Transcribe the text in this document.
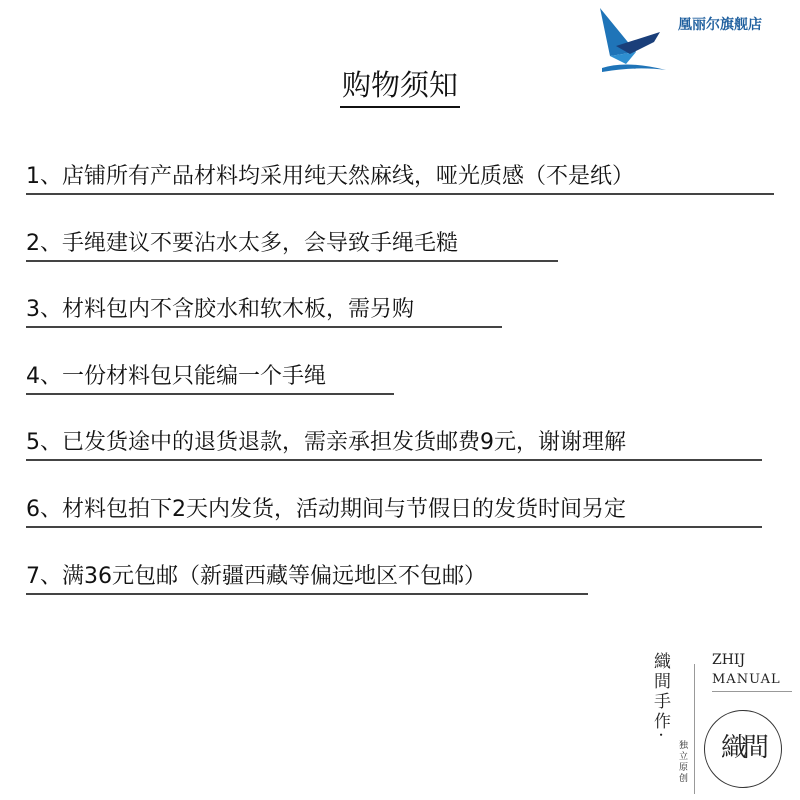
凰丽尔旗舰店
购物须知
1、店铺所有产品材料均采用纯天然麻线，哑光质感（不是纸）
2、手绳建议不要沾水太多，会导致手绳毛糙
3、材料包内不含胶水和软木板，需另购
4、一份材料包只能编一个手绳
5、已发货途中的退货退款，需亲承担发货邮费9元，谢谢理解
6、材料包拍下2天内发货，活动期间与节假日的发货时间另定
7、满36元包邮（新疆西藏等偏远地区不包邮）
織間手作·
独立原创
ZHIJ
MANUAL
織間
